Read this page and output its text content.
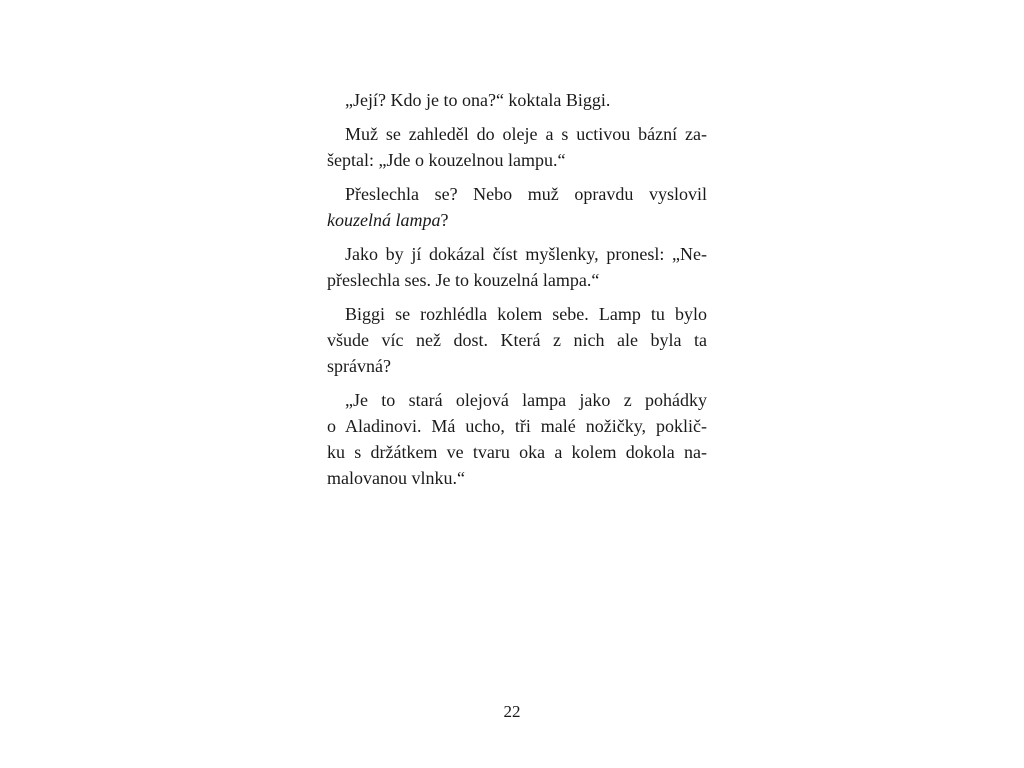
„Její? Kdo je to ona?“ koktala Biggi.
Muž se zahleděl do oleje a s uctivou bázní za-
šeptal: „Jde o kouzelnou lampu.“
Přeslechla se? Nebo muž opravdu vyslovil
kouzelná lampa?
Jako by jí dokázal číst myšlenky, pronesl: „Ne-
přeslechla ses. Je to kouzelná lampa.“
Biggi se rozhlédla kolem sebe. Lamp tu bylo
všude víc než dost. Která z nich ale byla ta
správná?
„Je to stará olejová lampa jako z pohádky
o Aladinovi. Má ucho, tři malé nožičky, poklič-
ku s držátkem ve tvaru oka a kolem dokola na-
malovanou vlnku.“
22
